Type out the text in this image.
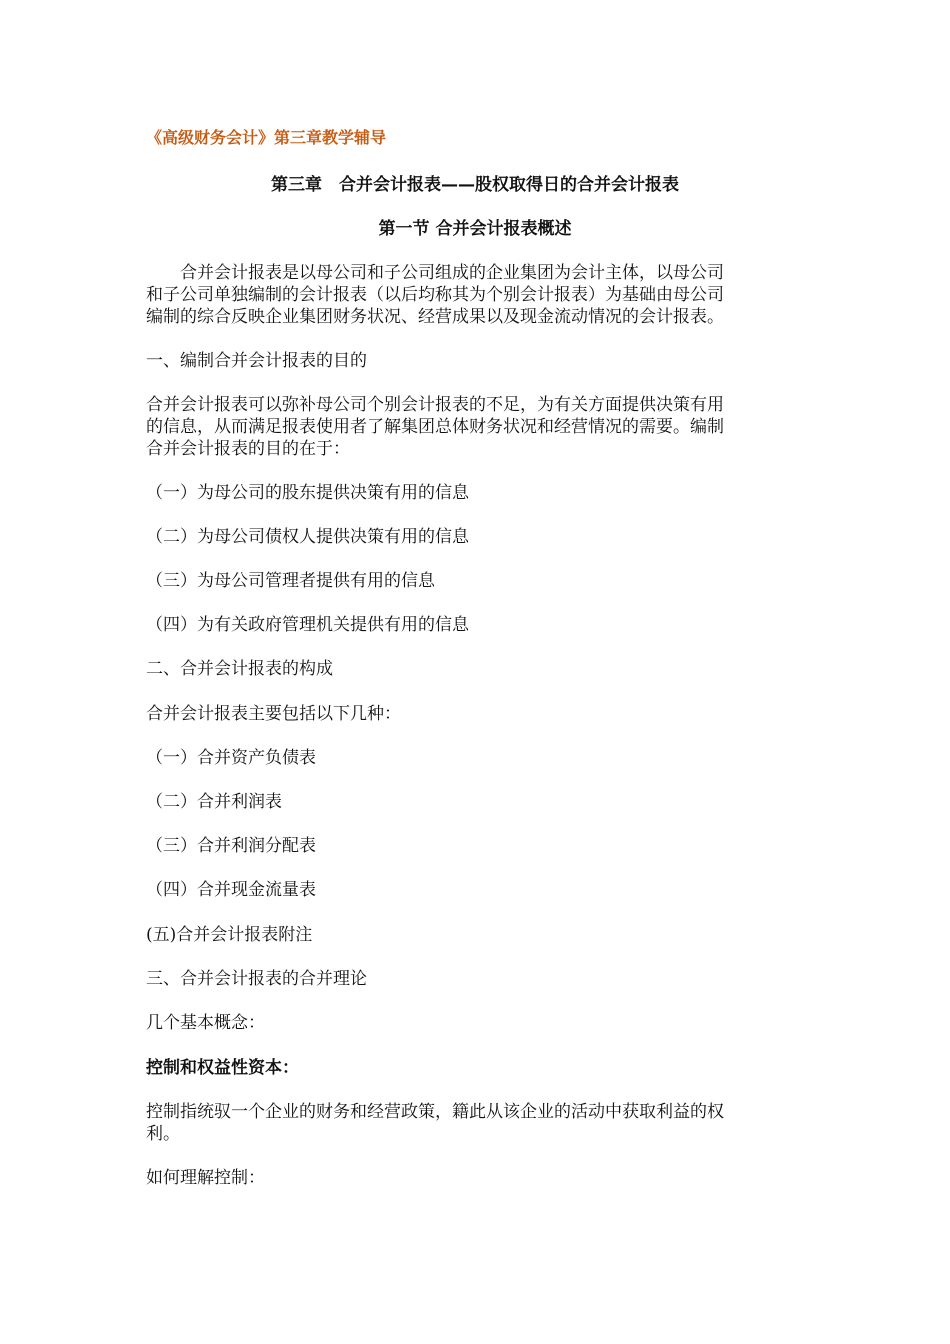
《高级财务会计》第三章教学辅导
第三章　合并会计报表——股权取得日的合并会计报表
第一节 合并会计报表概述
　　合并会计报表是以母公司和子公司组成的企业集团为会计主体，以母公司
和子公司单独编制的会计报表（以后均称其为个别会计报表）为基础由母公司
编制的综合反映企业集团财务状况、经营成果以及现金流动情况的会计报表。
一、编制合并会计报表的目的
合并会计报表可以弥补母公司个别会计报表的不足，为有关方面提供决策有用
的信息，从而满足报表使用者了解集团总体财务状况和经营情况的需要。编制
合并会计报表的目的在于：
（一）为母公司的股东提供决策有用的信息
（二）为母公司债权人提供决策有用的信息
（三）为母公司管理者提供有用的信息
（四）为有关政府管理机关提供有用的信息
二、合并会计报表的构成
合并会计报表主要包括以下几种：
（一）合并资产负债表
（二）合并利润表
（三）合并利润分配表
（四）合并现金流量表
(五)合并会计报表附注
三、合并会计报表的合并理论
几个基本概念：
控制和权益性资本：
控制指统驭一个企业的财务和经营政策，籍此从该企业的活动中获取利益的权
利。
如何理解控制：
